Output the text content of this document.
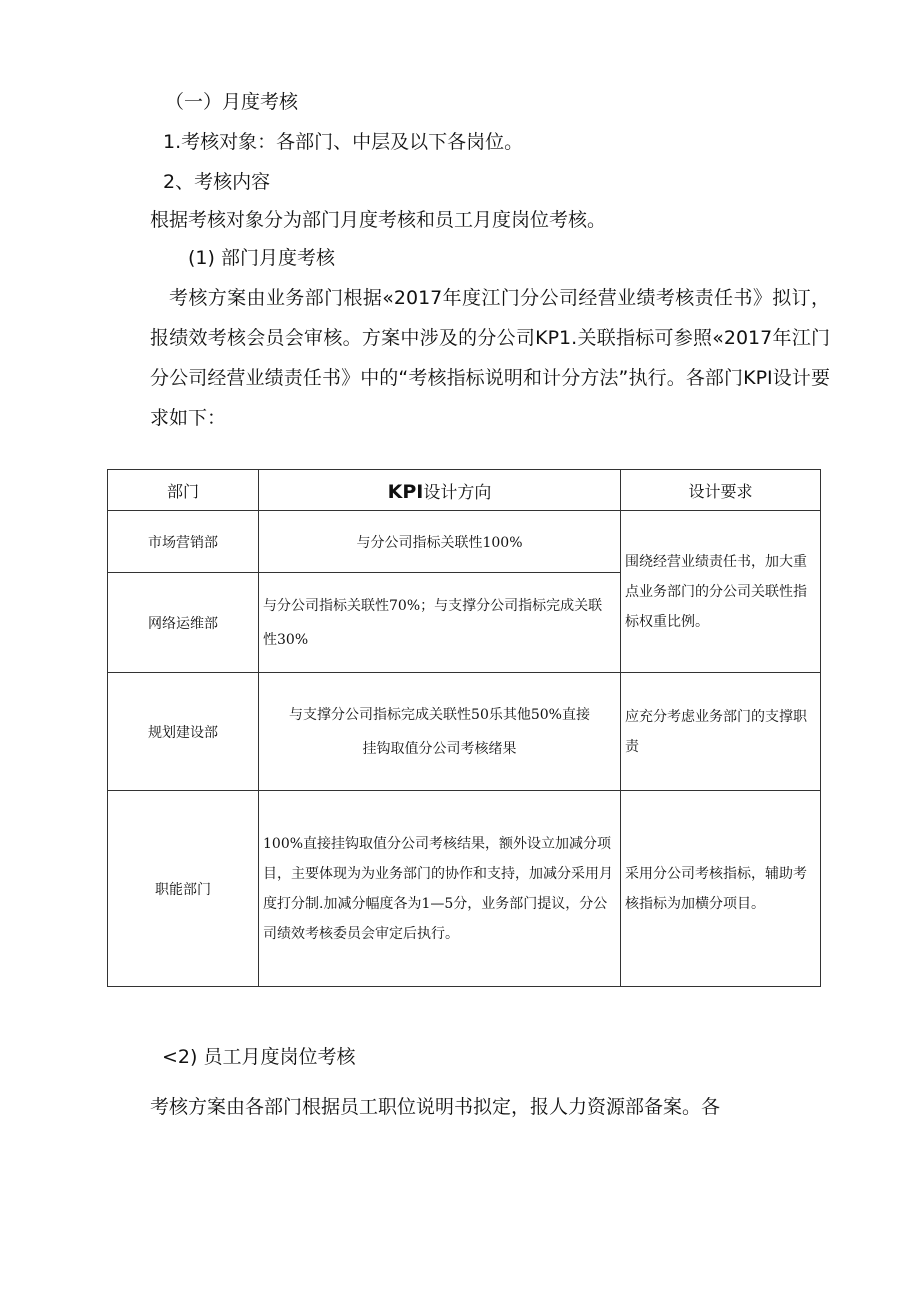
（一）月度考核
1.考核对象：各部门、中层及以下各岗位。
2、考核内容
根据考核对象分为部门月度考核和员工月度岗位考核。
(1) 部门月度考核
考核方案由业务部门根据«2017年度江门分公司经营业绩考核责任书》拟订，报绩效考核会员会审核。方案中涉及的分公司KP1.关联指标可参照«2017年江门分公司经营业绩责任书》中的“考核指标说明和计分方法”执行。各部门KPI设计要求如下：
部门	KPI设计方向	设计要求
市场营销部	与分公司指标关联性100%	围绕经营业绩责任书，加大重点业务部门的分公司关联性指标权重比例。
网络运维部	与分公司指标关联性70%；与支撑分公司指标完成关联性30%	
规划建设部	与支撑分公司指标完成关联性50乐其他50%直接挂钩取值分公司考核绪果	应充分考虑业务部门的支撑职责
职能部门	100%直接挂钩取值分公司考核结果，额外设立加减分项目，主要体现为为业务部门的协作和支持，加减分采用月度打分制.加减分幅度各为1—5分，业务部门提议，分公司绩效考核委员会审定后执行。	采用分公司考核指标，辅助考核指标为加横分项目。
<2) 员工月度岗位考核
考核方案由各部门根据员工职位说明书拟定，报人力资源部备案。各
